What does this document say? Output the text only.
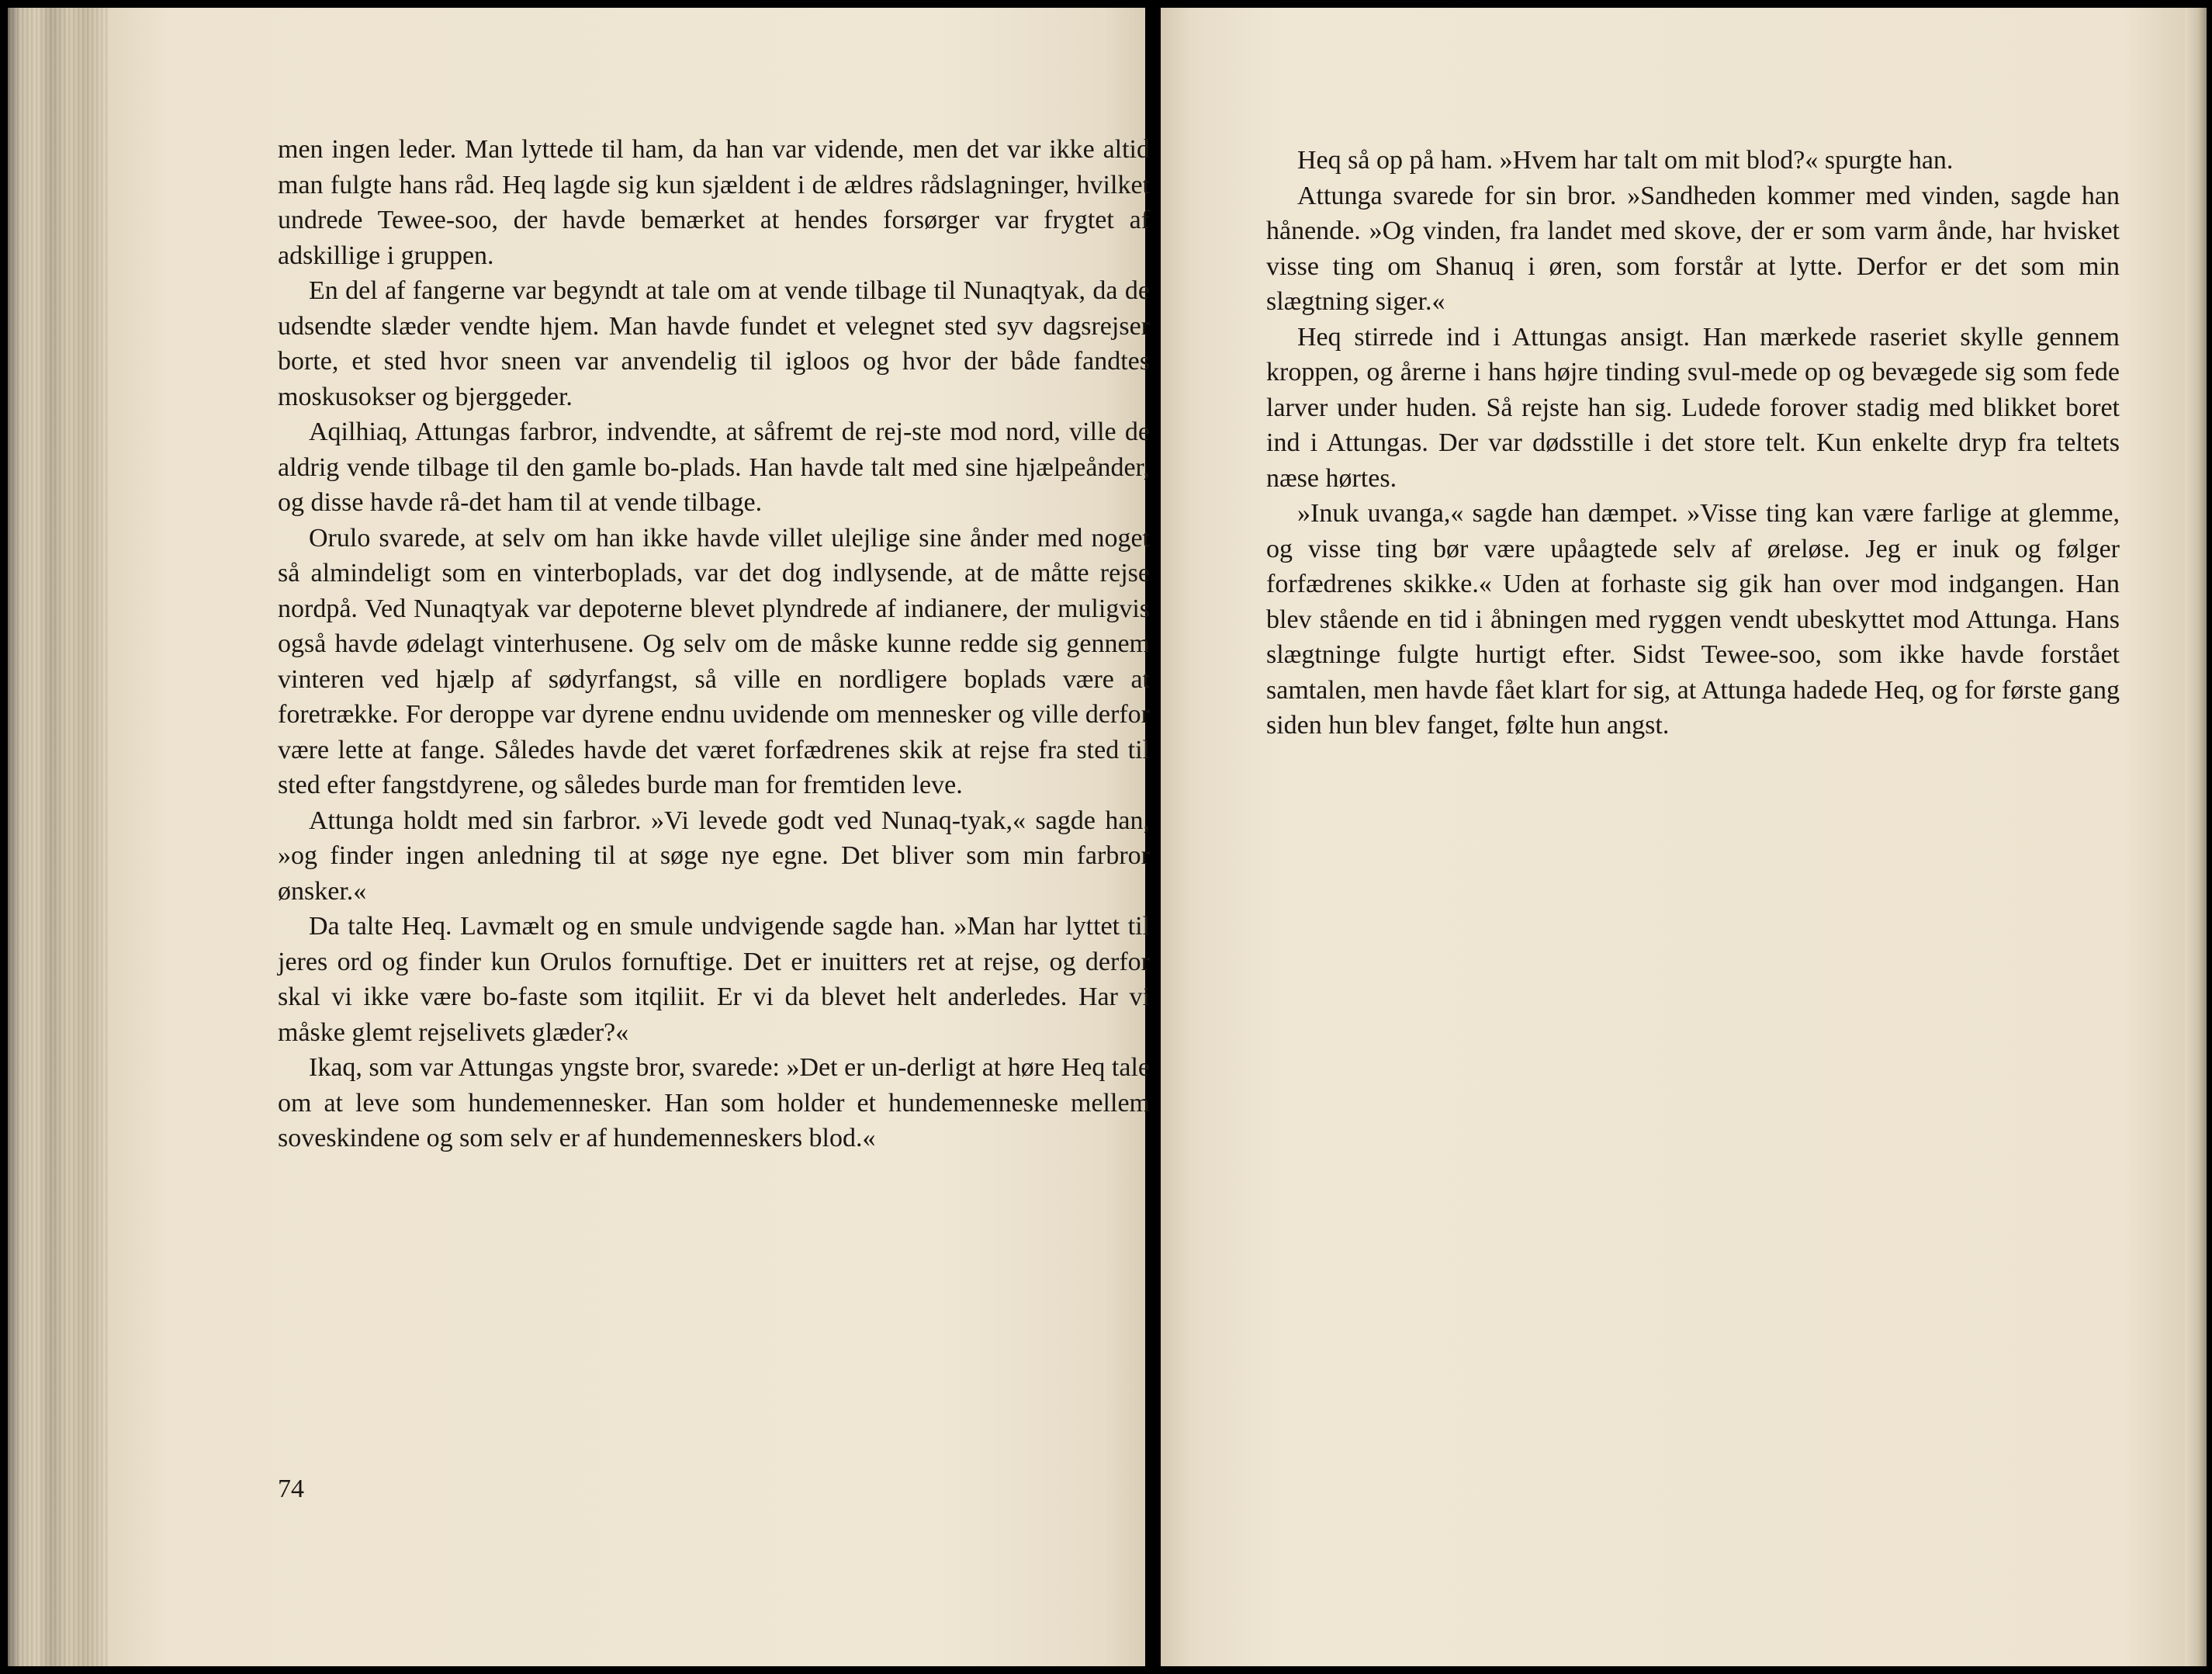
men ingen leder. Man lyttede til ham, da han var vidende, men det var ikke altid man fulgte hans råd. Heq lagde sig kun sjældent i de ældres rådslagninger, hvilket undrede Tewee-soo, der havde bemærket at hendes forsørger var frygtet af adskillige i gruppen.

En del af fangerne var begyndt at tale om at vende tilbage til Nunaqtyak, da de udsendte slæder vendte hjem. Man havde fundet et velegnet sted syv dagsrejser borte, et sted hvor sneen var anvendelig til igloos og hvor der både fandtes moskusokser og bjerggeder.

Aqilhiaq, Attungas farbror, indvendte, at såfremt de rej-ste mod nord, ville de aldrig vende tilbage til den gamle bo-plads. Han havde talt med sine hjælpeånder, og disse havde rå-det ham til at vende tilbage.

Orulo svarede, at selv om han ikke havde villet ulejlige sine ånder med noget så almindeligt som en vinterboplads, var det dog indlysende, at de måtte rejse nordpå. Ved Nunaqtyak var depoterne blevet plyndrede af indianere, der muligvis også havde ødelagt vinterhusene. Og selv om de måske kunne redde sig gennem vinteren ved hjælp af sødyrfangst, så ville en nordligere boplads være at foretrække. For deroppe var dyrene endnu uvidende om mennesker og ville derfor være lette at fange. Således havde det været forfædrenes skik at rejse fra sted til sted efter fangstdyrene, og således burde man for fremtiden leve.

Attunga holdt med sin farbror. »Vi levede godt ved Nunaq-tyak,« sagde han, »og finder ingen anledning til at søge nye egne. Det bliver som min farbror ønsker.«

Da talte Heq. Lavmælt og en smule undvigende sagde han. »Man har lyttet til jeres ord og finder kun Orulos fornuftige. Det er inuitters ret at rejse, og derfor skal vi ikke være bo-faste som itqiliit. Er vi da blevet helt anderledes. Har vi måske glemt rejselivets glæder?«

Ikaq, som var Attungas yngste bror, svarede: »Det er un-derligt at høre Heq tale om at leve som hundemennesker. Han som holder et hundemenneske mellem soveskindene og som selv er af hundemenneskers blod.«

74

Heq så op på ham. »Hvem har talt om mit blod?« spurgte han.

Attunga svarede for sin bror. »Sandheden kommer med vinden, sagde han hånende. »Og vinden, fra landet med skove, der er som varm ånde, har hvisket visse ting om Shanuq i øren, som forstår at lytte. Derfor er det som min slægtning siger.«

Heq stirrede ind i Attungas ansigt. Han mærkede raseriet skylle gennem kroppen, og årerne i hans højre tinding svul-mede op og bevægede sig som fede larver under huden. Så rejste han sig. Ludede forover stadig med blikket boret ind i Attungas. Der var dødsstille i det store telt. Kun enkelte dryp fra teltets næse hørtes.

»Inuk uvanga,« sagde han dæmpet. »Visse ting kan være farlige at glemme, og visse ting bør være upåagtede selv af øreløse. Jeg er inuk og følger forfædrenes skikke.« Uden at forhaste sig gik han over mod indgangen. Han blev stående en tid i åbningen med ryggen vendt ubeskyttet mod Attunga. Hans slægtninge fulgte hurtigt efter. Sidst Tewee-soo, som ikke havde forstået samtalen, men havde fået klart for sig, at Attunga hadede Heq, og for første gang siden hun blev fanget, følte hun angst.
